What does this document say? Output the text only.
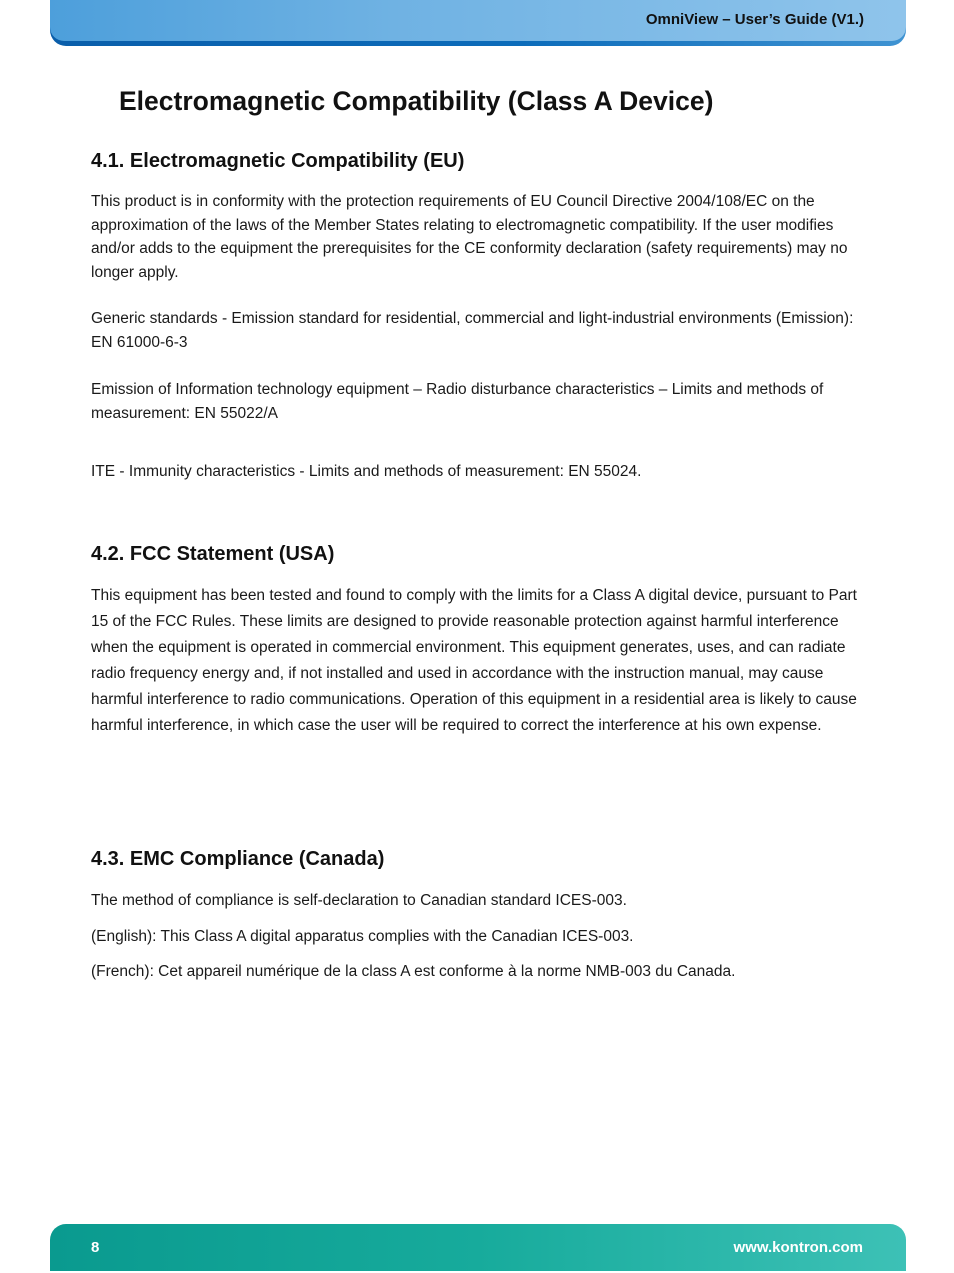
OmniView – User’s Guide (V1.)
Electromagnetic Compatibility (Class A Device)
4.1. Electromagnetic Compatibility (EU)

This product is in conformity with the protection requirements of EU Council Directive 2004/108/EC on the approximation of the laws of the Member States relating to electromagnetic compatibility. If the user modifies and/or adds to the equipment the prerequisites for the CE conformity declaration (safety requirements) may no longer apply.

Generic standards - Emission standard for residential, commercial and light-industrial environments (Emission): EN 61000-6-3

Emission of Information technology equipment – Radio disturbance characteristics – Limits and methods of measurement: EN 55022/A

ITE - Immunity characteristics - Limits and methods of measurement: EN 55024.

4.2. FCC Statement (USA)

This equipment has been tested and found to comply with the limits for a Class A digital device, pursuant to Part 15 of the FCC Rules. These limits are designed to provide reasonable protection against harmful interference when the equipment is operated in commercial environment. This equipment generates, uses, and can radiate radio frequency energy and, if not installed and used in accordance with the instruction manual, may cause harmful interference to radio communications. Operation of this equipment in a residential area is likely to cause harmful interference, in which case the user will be required to correct the interference at his own expense.

4.3. EMC Compliance (Canada)

The method of compliance is self-declaration to Canadian standard ICES-003.

(English): This Class A digital apparatus complies with the Canadian ICES-003.

(French): Cet appareil numérique de la class A est conforme à la norme NMB-003 du Canada.

8	www.kontron.com
